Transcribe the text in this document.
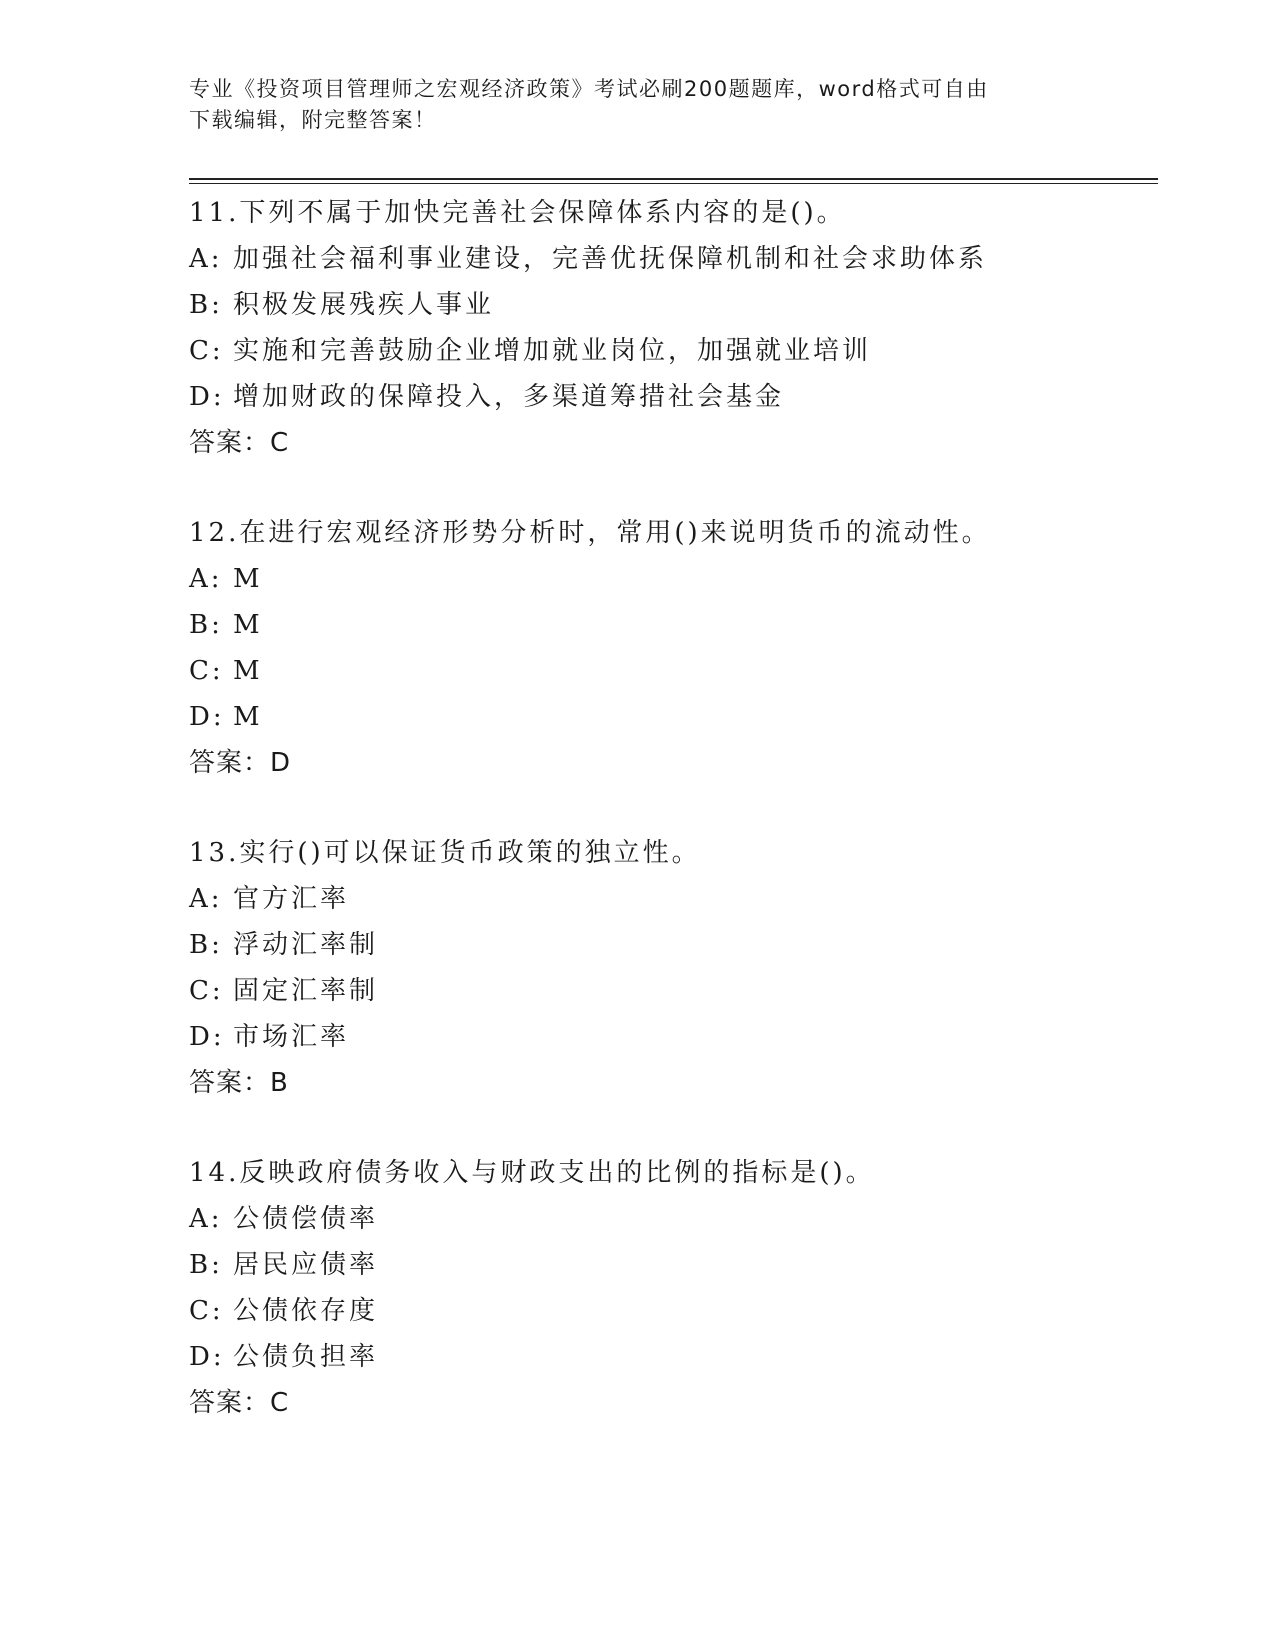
专业《投资项目管理师之宏观经济政策》考试必刷200题题库，word格式可自由
下载编辑，附完整答案！
11.下列不属于加快完善社会保障体系内容的是()。
A: 加强社会福利事业建设，完善优抚保障机制和社会求助体系
B: 积极发展残疾人事业
C: 实施和完善鼓励企业增加就业岗位，加强就业培训
D: 增加财政的保障投入，多渠道筹措社会基金
答案：C
12.在进行宏观经济形势分析时，常用()来说明货币的流动性。
A: M
B: M
C: M
D: M
答案：D
13.实行()可以保证货币政策的独立性。
A: 官方汇率
B: 浮动汇率制
C: 固定汇率制
D: 市场汇率
答案：B
14.反映政府债务收入与财政支出的比例的指标是()。
A: 公债偿债率
B: 居民应债率
C: 公债依存度
D: 公债负担率
答案：C
